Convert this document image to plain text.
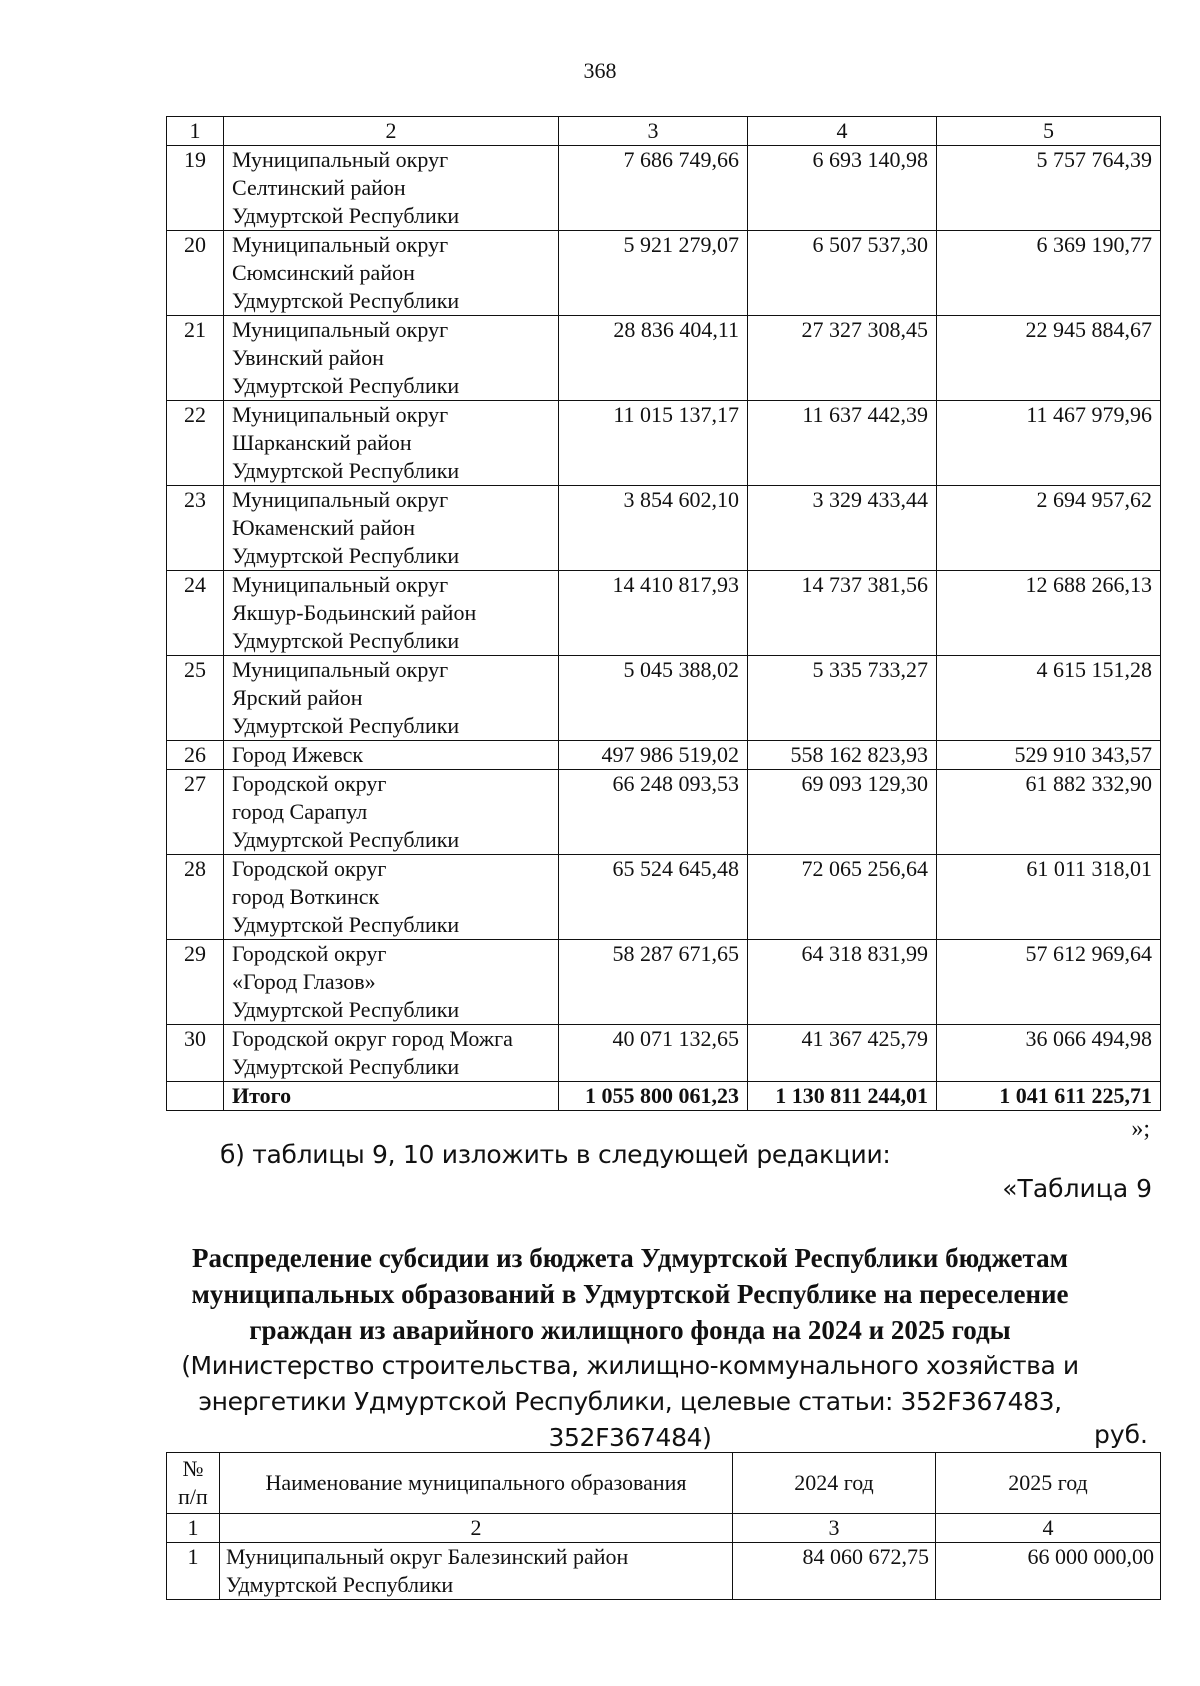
368
1	2	3	4	5
19	Муниципальный округ
Селтинский район
Удмуртской Республики	7 686 749,66	6 693 140,98	5 757 764,39
20	Муниципальный округ
Сюмсинский район
Удмуртской Республики	5 921 279,07	6 507 537,30	6 369 190,77
21	Муниципальный округ
Увинский район
Удмуртской Республики	28 836 404,11	27 327 308,45	22 945 884,67
22	Муниципальный округ
Шарканский район
Удмуртской Республики	11 015 137,17	11 637 442,39	11 467 979,96
23	Муниципальный округ
Юкаменский район
Удмуртской Республики	3 854 602,10	3 329 433,44	2 694 957,62
24	Муниципальный округ
Якшур-Бодьинский район
Удмуртской Республики	14 410 817,93	14 737 381,56	12 688 266,13
25	Муниципальный округ
Ярский район
Удмуртской Республики	5 045 388,02	5 335 733,27	4 615 151,28
26	Город Ижевск	497 986 519,02	558 162 823,93	529 910 343,57
27	Городской округ
город Сарапул
Удмуртской Республики	66 248 093,53	69 093 129,30	61 882 332,90
28	Городской округ
город Воткинск
Удмуртской Республики	65 524 645,48	72 065 256,64	61 011 318,01
29	Городской округ
«Город Глазов»
Удмуртской Республики	58 287 671,65	64 318 831,99	57 612 969,64
30	Городской округ город Можга
Удмуртской Республики	40 071 132,65	41 367 425,79	36 066 494,98
	Итого	1 055 800 061,23	1 130 811 244,01	1 041 611 225,71
»;
б) таблицы 9, 10 изложить в следующей редакции:
«Таблица 9
Распределение субсидии из бюджета Удмуртской Республики бюджетам
муниципальных образований в Удмуртской Республике на переселение
граждан из аварийного жилищного фонда на 2024 и 2025 годы
(Министерство строительства, жилищно-коммунального хозяйства и
энергетики Удмуртской Республики, целевые статьи: 352F367483, 352F367484)	руб.
№
п/п	Наименование муниципального образования	2024 год	2025 год
1	2	3	4
1	Муниципальный округ Балезинский район
Удмуртской Республики	84 060 672,75	66 000 000,00
